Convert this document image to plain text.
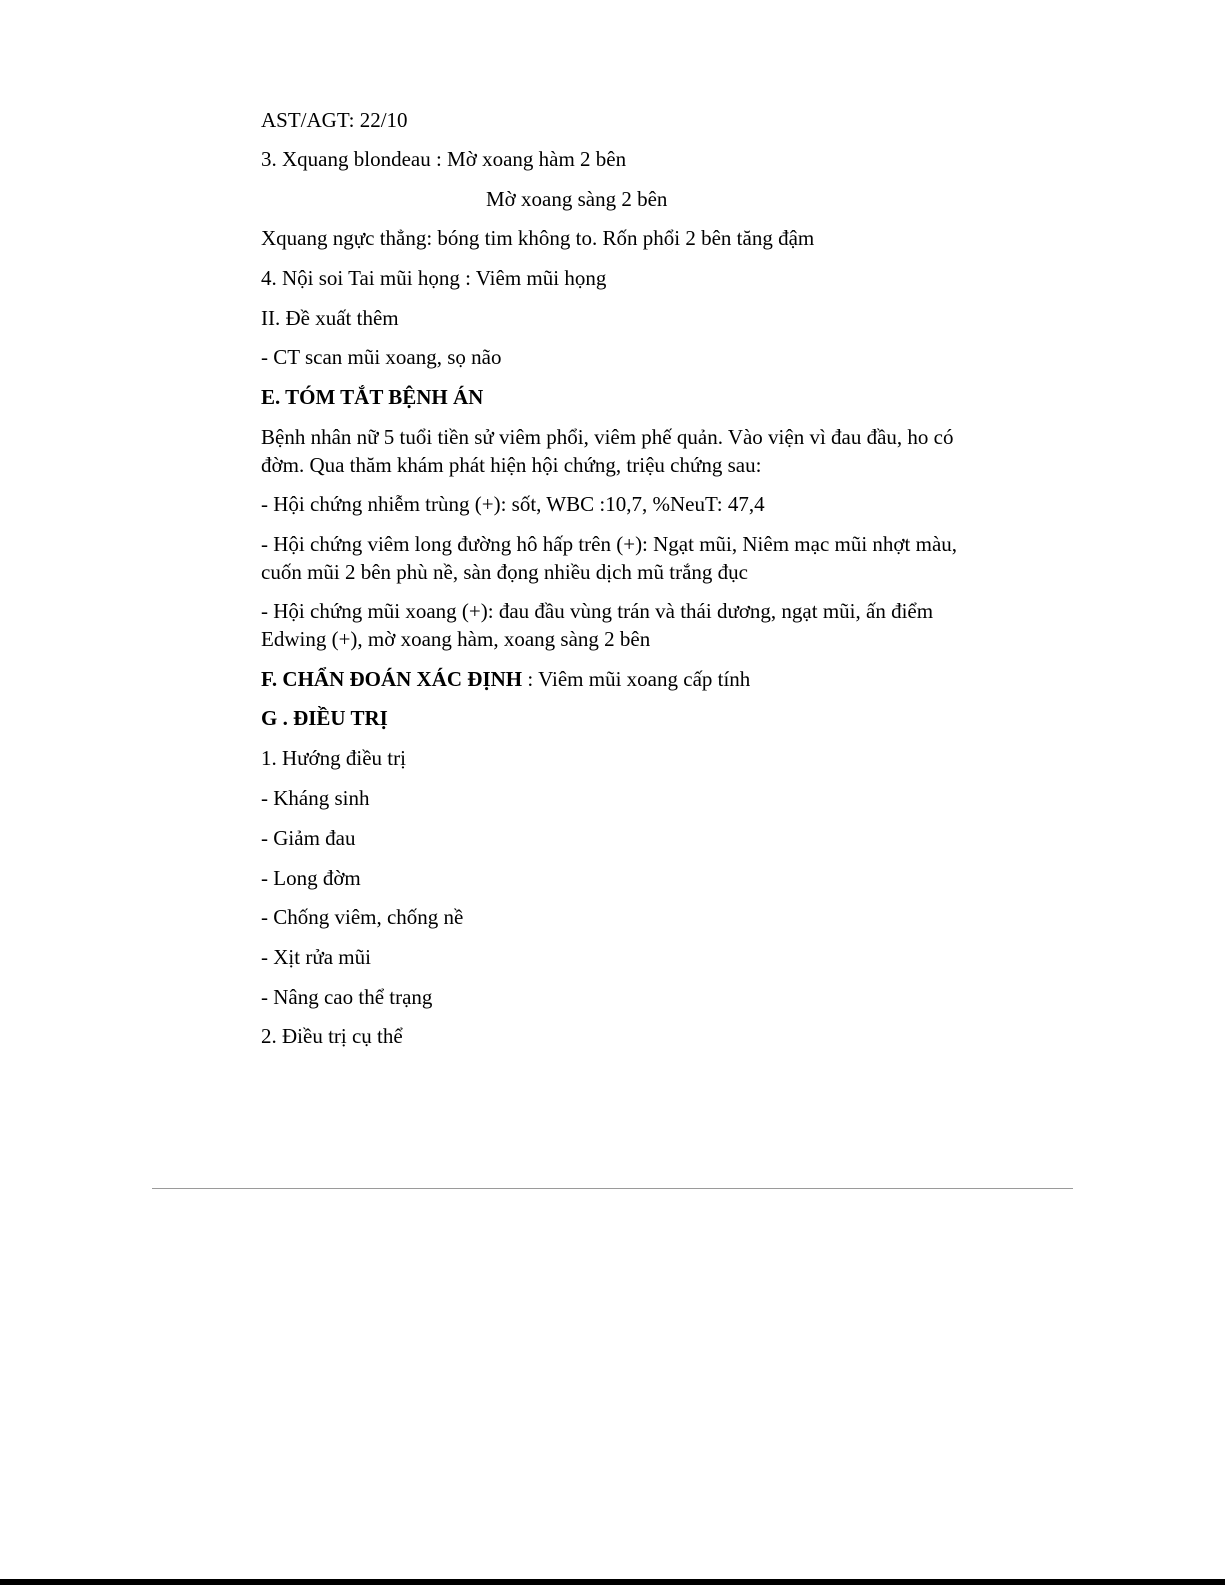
AST/AGT: 22/10

3. Xquang blondeau : Mờ xoang hàm 2 bên

Mờ xoang sàng 2 bên

Xquang ngực thẳng: bóng tim không to. Rốn phổi 2 bên tăng đậm

4. Nội soi Tai mũi họng : Viêm mũi họng

II. Đề xuất thêm

- CT scan mũi xoang, sọ não

E. TÓM TẮT BỆNH ÁN

Bệnh nhân nữ 5 tuổi tiền sử viêm phổi, viêm phế quản. Vào viện vì đau đầu, ho có đờm. Qua thăm khám phát hiện hội chứng, triệu chứng sau:

- Hội chứng nhiễm trùng (+): sốt, WBC :10,7, %NeuT: 47,4

- Hội chứng viêm long đường hô hấp trên (+): Ngạt mũi, Niêm mạc mũi nhợt màu, cuốn mũi 2 bên phù nề, sàn đọng nhiều dịch mũ trắng đục

- Hội chứng mũi xoang (+): đau đầu vùng trán và thái dương, ngạt mũi, ấn điểm Edwing (+), mờ xoang hàm, xoang sàng 2 bên

F. CHẨN ĐOÁN XÁC ĐỊNH : Viêm mũi xoang cấp tính

G . ĐIỀU TRỊ

1. Hướng điều trị

- Kháng sinh

- Giảm đau

- Long đờm

- Chống viêm, chống nề

- Xịt rửa mũi

- Nâng cao thể trạng

2. Điều trị cụ thể
